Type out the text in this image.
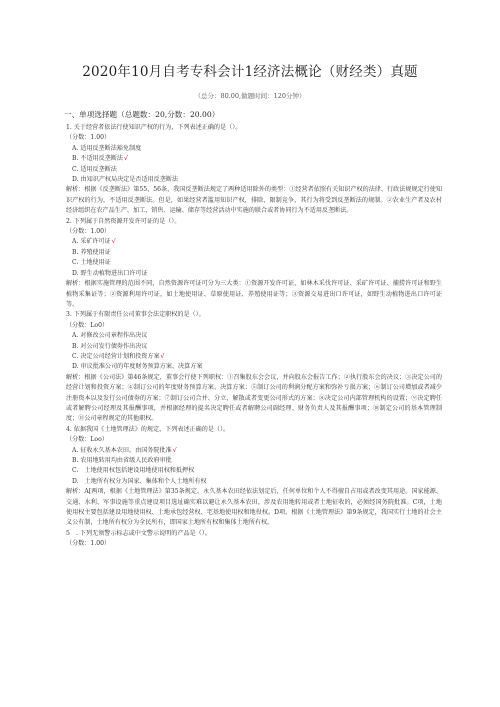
2020年10月自考专科会计1经济法概论（财经类）真题
（总分：80.00,做题时间：120分钟）
一、单项选择题（总题数：20,分数：20.00）
1. 关于经营者依法行使知识产权的行为，下列表述正确的是（）。
（分数：1.00）
A. 适用反垄断法豁免制度
B. 不适用反垄断法√
C. 适用反垄断法
D. 由知识产权局决定是否适用反垄断法
解析：根据《反垄断法》第55、56条，我国反垄断法规定了两种适用除外的类型：①经营者依照有关知识产权的法律、行政法规规定行使知识产权的行为，不适用反垄断法。但是，如果经营者滥用知识产权，排除、限制竞争，其行为将受到反垄断法的规制。②农业生产者及农村经济组织在农产品生产、加工、销售、运输、储存等经营活动中实施的联合或者协同行为不适用反垄断法。
2. 下列属于自然资源开发许可证的是（）。
（分数：1.00）
A. 采矿许可证√
B. 养殖使用证
C. 土地使用证
D. 野生动植物进出口许可证
解析：根据实施管理的范围不同，自然资源许可证可分为三大类：①资源开发许可证，如林木采伐许可证、采矿许可证、捕捞许可证和野生植物采集证等；②资源利用许可证，如土地使用证、草原使用证、养殖使用证等；③资源交易进出口许可证，如野生动植物进出口许可证等。
3. 下列属于有限责任公司董事会法定职权的是（）。
（分数：Lo0）
A. 对修改公司章程作出决议
B. 对公司发行债券作出决议
C. 决定公司经营计划和投资方案√
D. 审议批准公司的年度财务预算方案、决算方案
解析：根据《公司法》第46条规定，董事会行使下列职权：①召集股东会会议，并向股东会报告工作；②执行股东会的决议；③决定公司的经营计划和投资方案；④制订公司的年度财务预算方案、决算方案；⑤制订公司的利润分配方案和弥补亏损方案；⑥制订公司增加或者减少注册资本以及发行公司债券的方案；⑦制订公司合并、分立、解散或者变更公司形式的方案；⑧决定公司内部管理机构的设置；⑨决定聘任或者解聘公司经理及其报酬事项，并根据经理的提名决定聘任或者解聘公司副经理、财务负责人及其报酬事项；⑩制定公司的基本管理制度；⑪公司章程规定的其他职权。
4. 依据我国《土地管理法》的规定，下列表述正确的是（）。
（分数：Loo）
A. 征收永久基本农田，由国务院批准√
B. 农用地转用均由省级人民政府审批
C.　土地使用权包括建设用地使用权和抵押权
D.　土地所有权分为国家、集体和个人土地所有权
解析：A[两项，根据《土地管理法》第35条规定，永久基本农田经依法划定后，任何单位和个人不得擅自占用或者改变其用途。国家能源、交通、水利、军事设施等重点建设项目选址确实难以避让永久基本农田，涉及农用地转用或者土地征收的，必须经国务院批准。C项，土地使用权主要包括建设用地使用权、土地承包经营权、宅基地使用权和地役权。D项，根据《土地管理法》第9条规定，我国实行土地的社会主义公有制，土地所有权分为全民所有，即国家土地所有权和集体土地所有权。
5　. 下列无须警示标志或中文警示说明的产品是（）。
（分数：1.00）
